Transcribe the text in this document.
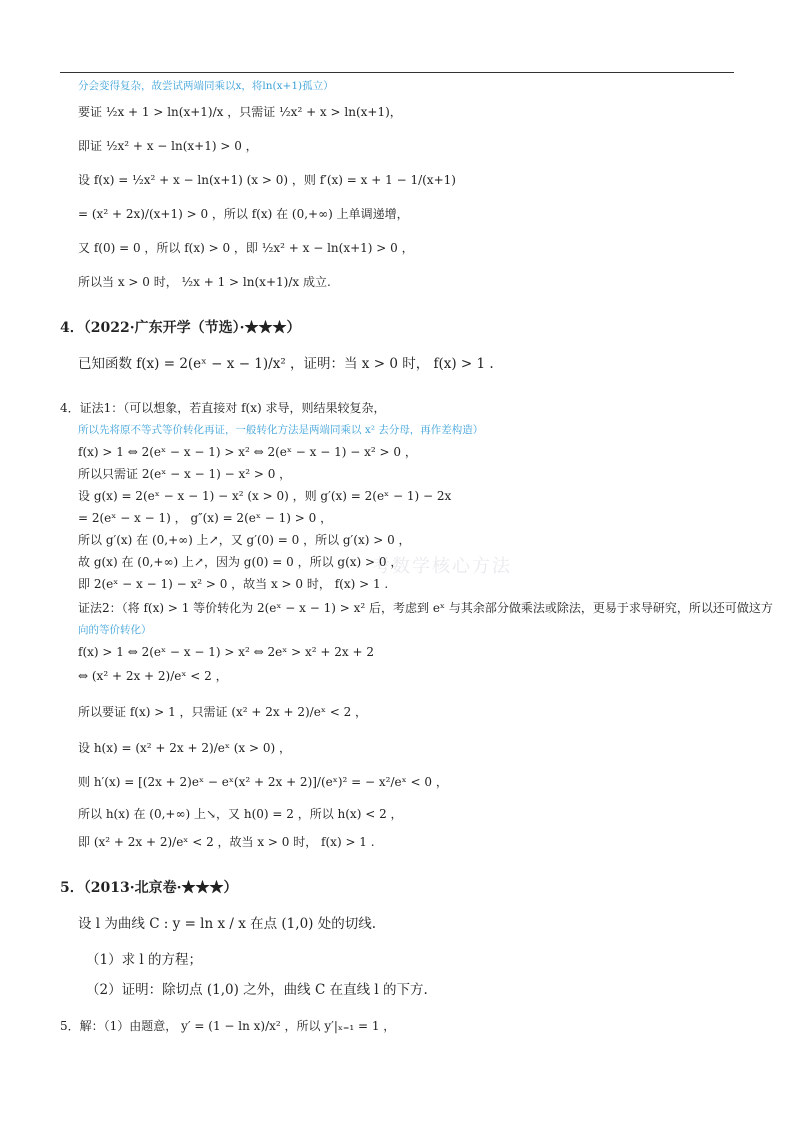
考数学核心方法
分会变得复杂，故尝试两端同乘以x，将ln(x+1)孤立）
要证 ½x + 1 > ln(x+1)/x ，只需证 ½x² + x > ln(x+1)，
即证 ½x² + x − ln(x+1) > 0 ，
设 f(x) = ½x² + x − ln(x+1) (x > 0) ，则 f′(x) = x + 1 − 1/(x+1)
= (x² + 2x)/(x+1) > 0 ，所以 f(x) 在 (0,+∞) 上单调递增，
又 f(0) = 0 ，所以 f(x) > 0 ，即 ½x² + x − ln(x+1) > 0 ，
所以当 x > 0 时， ½x + 1 > ln(x+1)/x 成立.
4．（2022·广东开学（节选）·★★★）
已知函数 f(x) = 2(eˣ − x − 1)/x² ，证明：当 x > 0 时， f(x) > 1 .
4．证法1：（可以想象，若直接对 f(x) 求导，则结果较复杂，
所以先将原不等式等价转化再证，一般转化方法是两端同乘以 x² 去分母，再作差构造）
f(x) > 1 ⇔ 2(eˣ − x − 1) > x² ⇔ 2(eˣ − x − 1) − x² > 0 ，
所以只需证 2(eˣ − x − 1) − x² > 0 ，
设 g(x) = 2(eˣ − x − 1) − x² (x > 0) ，则 g′(x) = 2(eˣ − 1) − 2x
= 2(eˣ − x − 1) ， g″(x) = 2(eˣ − 1) > 0 ，
所以 g′(x) 在 (0,+∞) 上↗，又 g′(0) = 0 ，所以 g′(x) > 0 ，
故 g(x) 在 (0,+∞) 上↗，因为 g(0) = 0 ，所以 g(x) > 0 ，
即 2(eˣ − x − 1) − x² > 0 ，故当 x > 0 时， f(x) > 1 .
证法2：（将 f(x) > 1 等价转化为 2(eˣ − x − 1) > x² 后，考虑到 eˣ 与其余部分做乘法或除法，更易于求导研究，所以还可做这方
向的等价转化）
f(x) > 1 ⇔ 2(eˣ − x − 1) > x² ⇔ 2eˣ > x² + 2x + 2
⇔ (x² + 2x + 2)/eˣ < 2 ，
所以要证 f(x) > 1 ，只需证 (x² + 2x + 2)/eˣ < 2 ，
设 h(x) = (x² + 2x + 2)/eˣ (x > 0) ，
则 h′(x) = [(2x + 2)eˣ − eˣ(x² + 2x + 2)]/(eˣ)² = − x²/eˣ < 0 ，
所以 h(x) 在 (0,+∞) 上↘，又 h(0) = 2 ，所以 h(x) < 2 ，
即 (x² + 2x + 2)/eˣ < 2 ，故当 x > 0 时， f(x) > 1 .
5．（2013·北京卷·★★★）
设 l 为曲线 C : y = ln x / x 在点 (1,0) 处的切线.
（1）求 l 的方程；
（2）证明：除切点 (1,0) 之外，曲线 C 在直线 l 的下方.
5．解：（1）由题意， y′ = (1 − ln x)/x² ，所以 y′|ₓ₌₁ = 1 ，
